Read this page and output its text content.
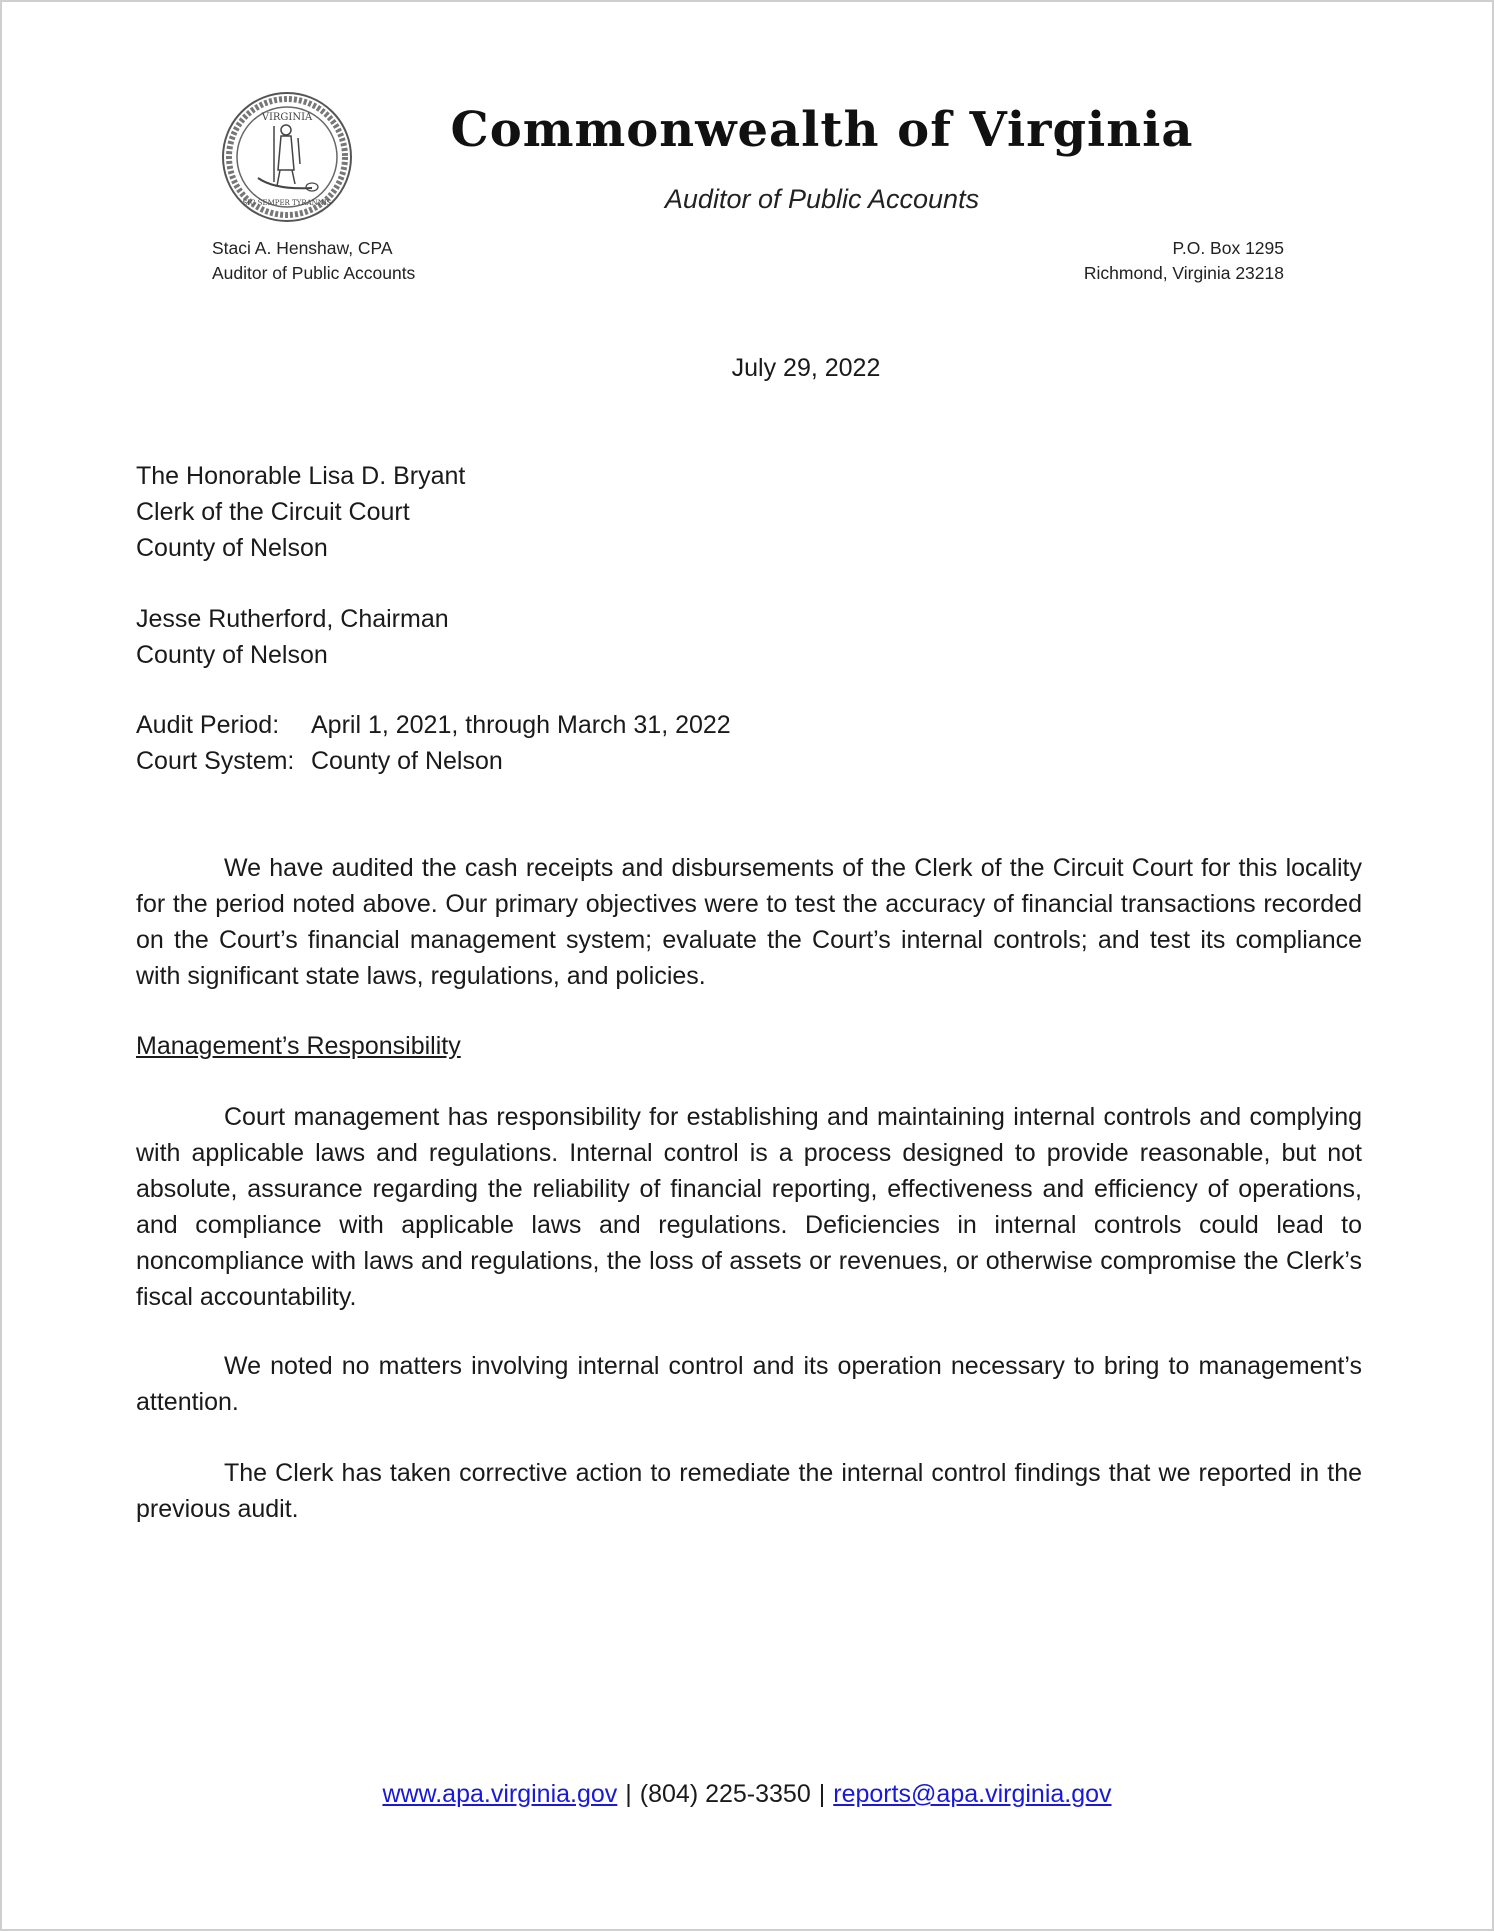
VIRGINIA
SIC SEMPER TYRANNIS
Commonwealth of Virginia
Auditor of Public Accounts
Staci A. Henshaw, CPA
Auditor of Public Accounts
P.O. Box 1295
Richmond, Virginia 23218
July 29, 2022
The Honorable Lisa D. Bryant
Clerk of the Circuit Court
County of Nelson
Jesse Rutherford, Chairman
County of Nelson
Audit Period: April 1, 2021, through March 31, 2022
Court System: County of Nelson

We have audited the cash receipts and disbursements of the Clerk of the Circuit Court for this locality for the period noted above. Our primary objectives were to test the accuracy of financial transactions recorded on the Court’s financial management system; evaluate the Court’s internal controls; and test its compliance with significant state laws, regulations, and policies.

Management’s Responsibility

Court management has responsibility for establishing and maintaining internal controls and complying with applicable laws and regulations. Internal control is a process designed to provide reasonable, but not absolute, assurance regarding the reliability of financial reporting, effectiveness and efficiency of operations, and compliance with applicable laws and regulations. Deficiencies in internal controls could lead to noncompliance with laws and regulations, the loss of assets or revenues, or otherwise compromise the Clerk’s fiscal accountability.

We noted no matters involving internal control and its operation necessary to bring to management’s attention.

The Clerk has taken corrective action to remediate the internal control findings that we reported in the previous audit.

www.apa.virginia.gov | (804) 225-3350 | reports@apa.virginia.gov
